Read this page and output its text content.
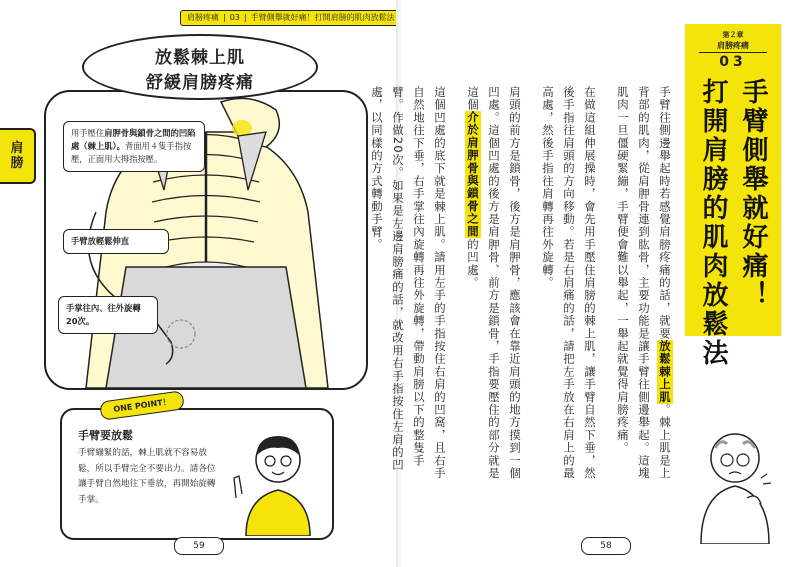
肩膀疼痛 | 03 | 手臂側舉就好痛！打開肩膀的肌肉放鬆法
肩
膀
放鬆棘上肌
舒緩肩膀疼痛
用手壓住肩胛骨與鎖骨之間的凹陷處（棘上肌）。背面用４隻手指按壓，正面用大拇指按壓。
手臂放輕鬆伸直
手掌往內、往外旋轉20次。
ONE POINT！
手臂要放鬆
手臂繃緊的話，棘上肌就不容易放鬆，所以手臂完全不要出力。請各位讓手臂自然地往下垂放，再開始旋轉手掌。
59
第２章
肩膀疼痛
03
手臂側舉就好痛！
打開肩膀的肌肉放鬆法

手臂往側邊舉起時若感覺肩膀疼痛的話，就要放鬆棘上肌。棘上肌是上背部的肌肉，從肩胛骨連到肱骨，主要功能是讓手臂往側邊舉起。這塊肌肉一旦僵硬緊繃，手臂便會難以舉起，一舉起就覺得肩膀疼痛。

在做這組伸展操時，會先用手壓住肩膀的棘上肌，讓手臂自然下垂，然後手指往肩頭的方向移動。若是右肩痛的話，請把左手放在右肩上的最高處，然後手指往肩轉再往外旋轉。

肩頭的前方是鎖骨，後方是肩胛骨，應該會在靠近肩頭的地方摸到一個凹處。這個凹處的後方是肩胛骨、前方是鎖骨，手指要壓住的部分就是這個介於肩胛骨與鎖骨之間的凹處。

這個凹處的底下就是棘上肌。請用左手的手指按住右肩的凹窩，且右手自然地往下垂，右手掌往內旋轉再往外旋轉，帶動肩膀以下的整隻手臂。作做20次。如果是左邊肩膀痛的話，就改用右手指按住左肩的凹處，以同樣的方式轉動手臂。

58
